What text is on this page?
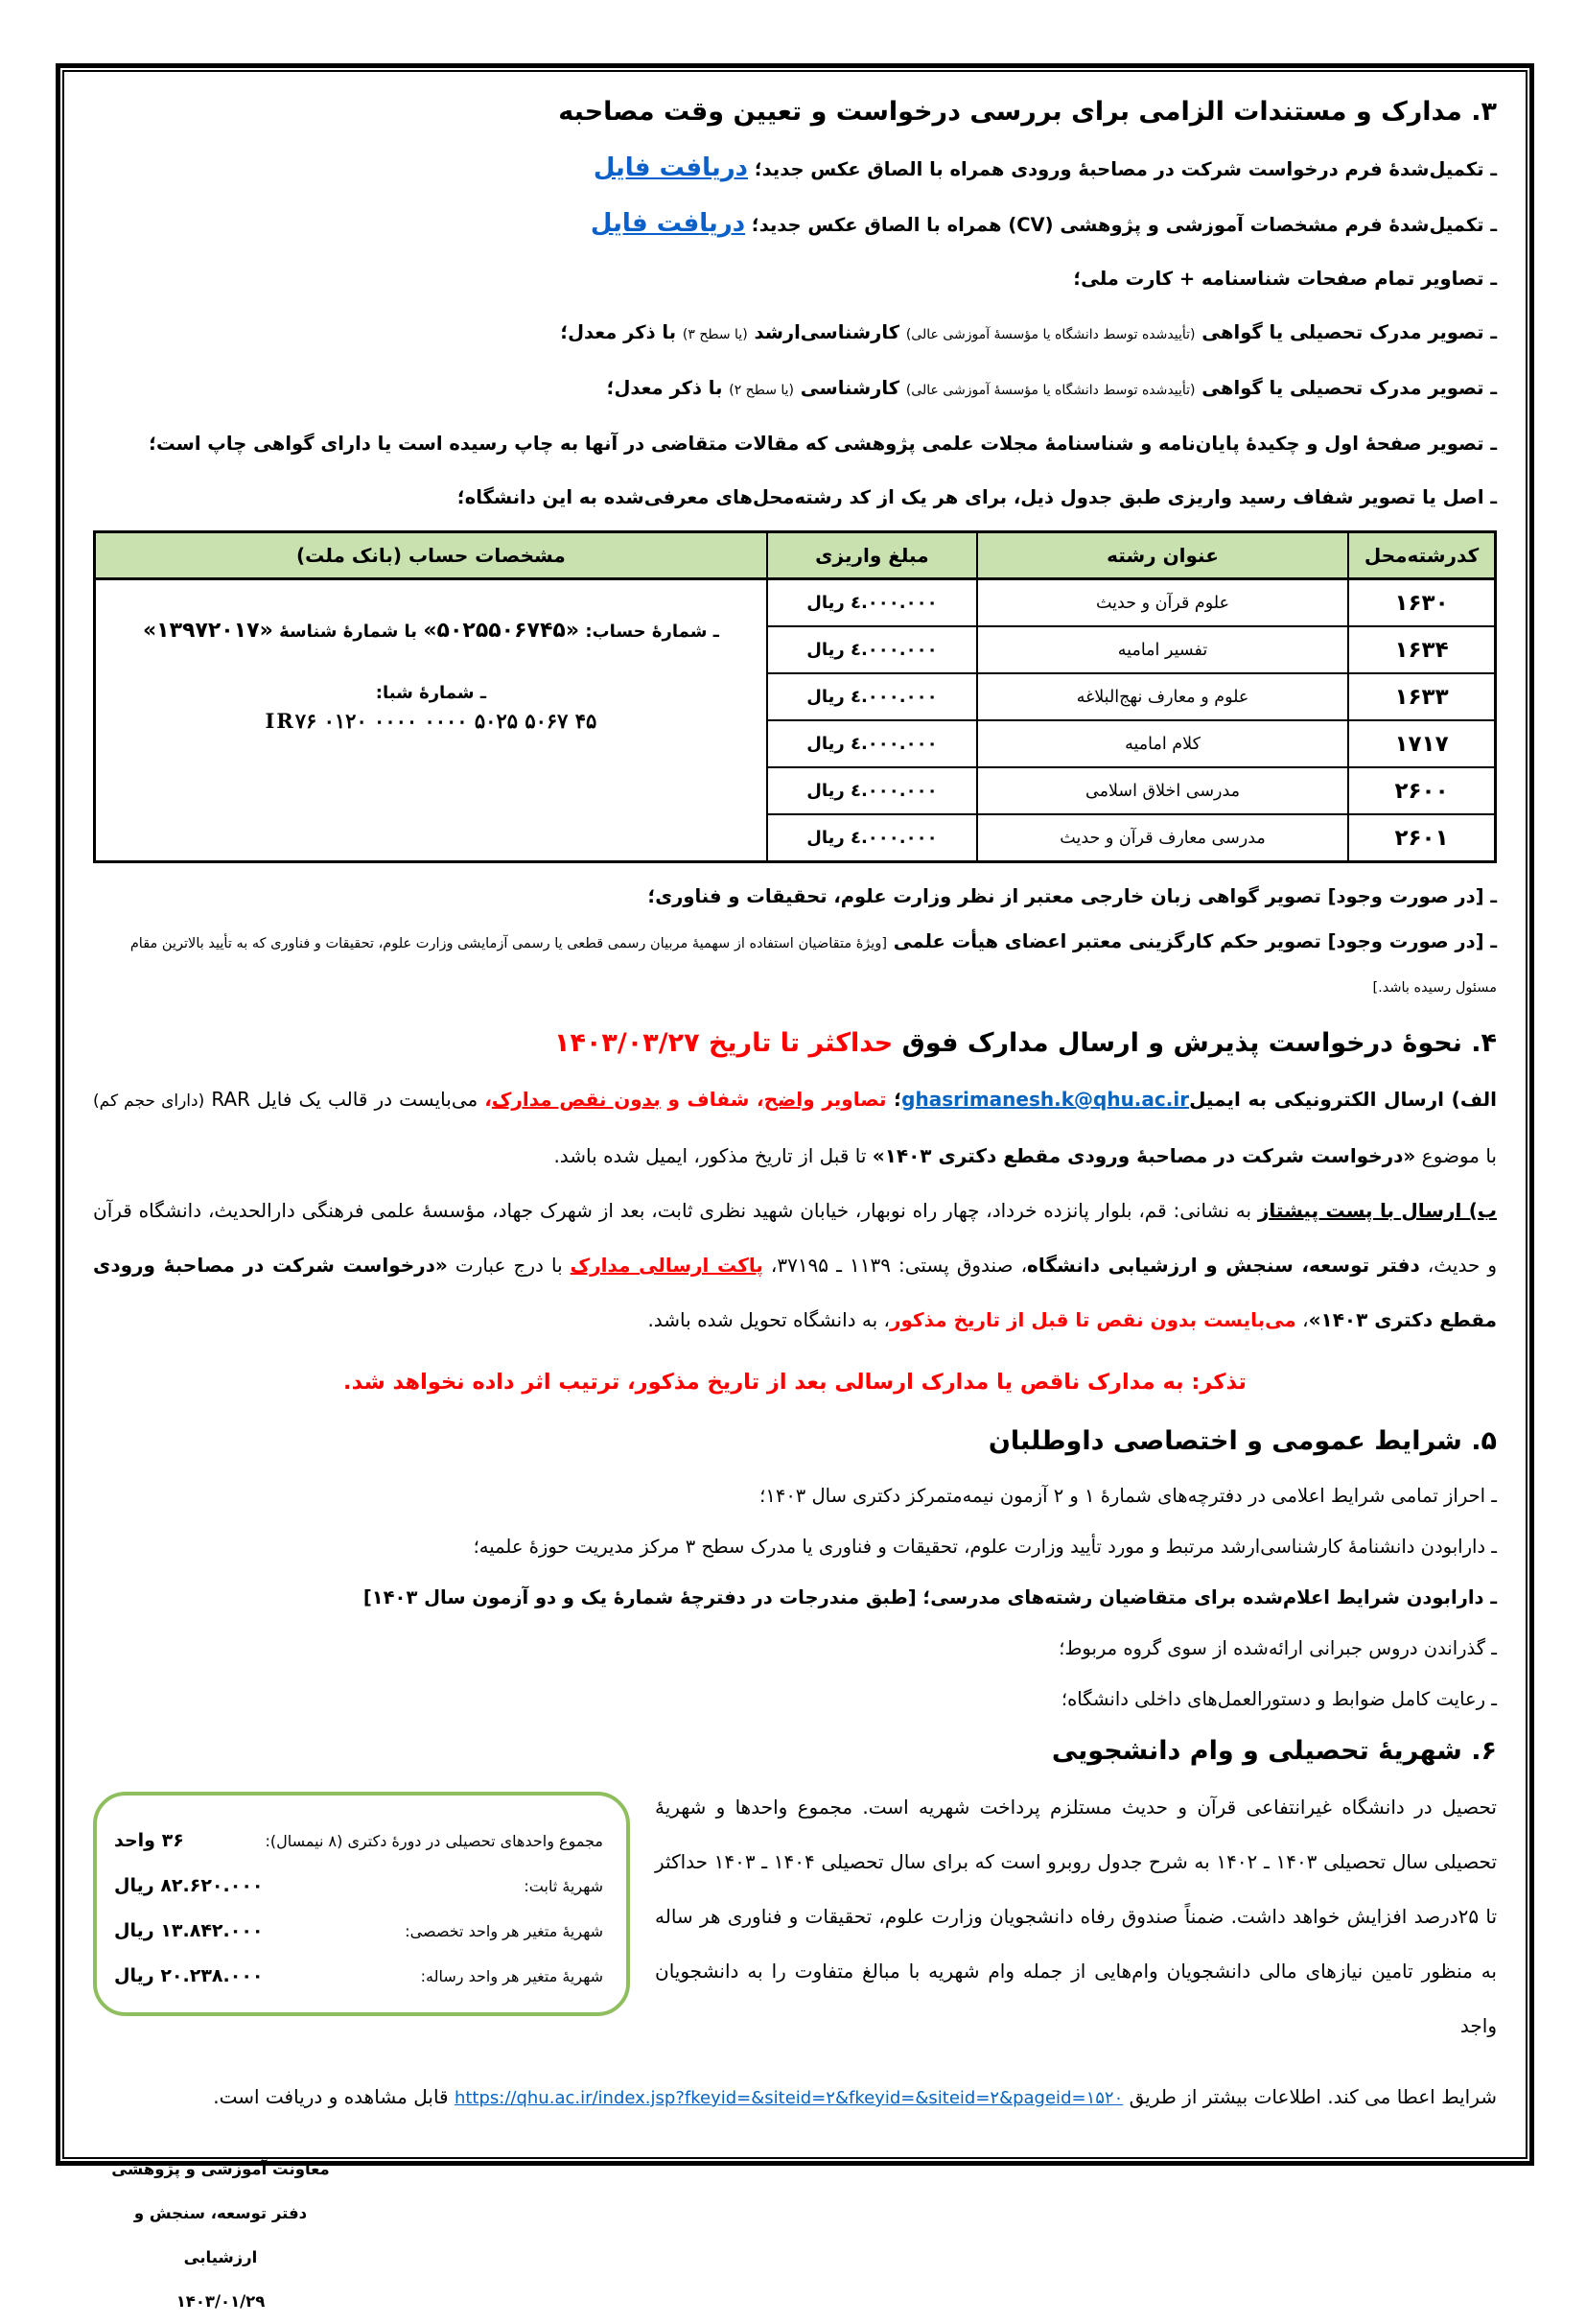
۳. مدارک و مستندات الزامی برای بررسی درخواست و تعیین وقت مصاحبه
ـ تکمیل‌شدهٔ فرم درخواست شرکت در مصاحبهٔ ورودی همراه با الصاق عکس جدید؛ دریافت فایل
ـ تکمیل‌شدهٔ فرم مشخصات آموزشی و پژوهشی (CV) همراه با الصاق عکس جدید؛ دریافت فایل
ـ تصاویر تمام صفحات شناسنامه + کارت ملی؛
ـ تصویر مدرک تحصیلی یا گواهی (تأییدشده توسط دانشگاه یا مؤسسهٔ آموزشی عالی) کارشناسی‌ارشد (یا سطح ۳) با ذکر معدل؛
ـ تصویر مدرک تحصیلی یا گواهی (تأییدشده توسط دانشگاه یا مؤسسهٔ آموزشی عالی) کارشناسی (یا سطح ۲) با ذکر معدل؛
ـ تصویر صفحهٔ اول و چکیدهٔ پایان‌نامه و شناسنامهٔ مجلات علمی پژوهشی که مقالات متقاضی در آنها به چاپ رسیده است یا دارای گواهی چاپ است؛
ـ اصل یا تصویر شفاف رسید واریزی طبق جدول ذیل، برای هر یک از کد رشته‌محل‌های معرفی‌شده به این دانشگاه؛
کدرشته‌محل	عنوان رشته	مبلغ واریزی	مشخصات حساب (بانک ملت)
۱۶۳۰	علوم قرآن و حدیث	٤.٠٠٠.٠٠٠ ریال	ـ شمارهٔ حساب: «۵۰۲۵۵۰۶۷۴۵» با شمارهٔ شناسهٔ «۱۳۹۷۲۰۱۷»
ـ شمارهٔ شبا:
IR۷۶ ۰۱۲۰ ۰۰۰۰ ۰۰۰۰ ۵۰۲۵ ۵۰۶۷ ۴۵
۱۶۳۴	تفسیر امامیه	٤.٠٠٠.٠٠٠ ریال	
۱۶۳۳	علوم و معارف نهج‌البلاغه	٤.٠٠٠.٠٠٠ ریال	
۱۷۱۷	کلام امامیه	٤.٠٠٠.٠٠٠ ریال	
۲۶۰۰	مدرسی اخلاق اسلامی	٤.٠٠٠.٠٠٠ ریال	
۲۶۰۱	مدرسی معارف قرآن و حدیث	٤.٠٠٠.٠٠٠ ریال	
ـ [در صورت وجود] تصویر گواهی زبان خارجی معتبر از نظر وزارت علوم، تحقیقات و فناوری؛
ـ [در صورت وجود] تصویر حکم کارگزینی معتبر اعضای هیأت علمی [ویژهٔ متقاضیان استفاده از سهمیهٔ مربیان رسمی قطعی یا رسمی آزمایشی وزارت علوم، تحقیقات و فناوری که به تأیید بالاترین مقام مسئول رسیده باشد.]
۴. نحوهٔ درخواست پذیرش و ارسال مدارک فوق حداکثر تا تاریخ ۱۴۰۳/۰۳/۲۷
الف) ارسال الکترونیکی به ایمیلghasrimanesh.k@qhu.ac.ir؛ تصاویر واضح، شفاف و بدون نقص مدارک، می‌بایست در قالب یک فایل RAR (دارای حجم کم) با موضوع «درخواست شرکت در مصاحبهٔ ورودی مقطع دکتری ۱۴۰۳» تا قبل از تاریخ مذکور، ایمیل شده باشد.
ب) ارسال با پست پیشتاز به نشانی: قم، بلوار پانزده خرداد، چهار راه نوبهار، خیابان شهید نظری ثابت، بعد از شهرک جهاد، مؤسسهٔ علمی فرهنگی دارالحدیث، دانشگاه قرآن و حدیث، دفتر توسعه، سنجش و ارزشیابی دانشگاه، صندوق پستی: ۱۱۳۹ ـ ۳۷۱۹۵، پاکت ارسالی مدارک با درج عبارت «درخواست شرکت در مصاحبهٔ ورودی مقطع دکتری ۱۴۰۳»، می‌بایست بدون نقص تا قبل از تاریخ مذکور، به دانشگاه تحویل شده باشد.
تذکر: به مدارک ناقص یا مدارک ارسالی بعد از تاریخ مذکور، ترتیب اثر داده نخواهد شد.
۵. شرایط عمومی و اختصاصی داوطلبان
ـ احراز تمامی شرایط اعلامی در دفترچه‌های شمارهٔ ۱ و ۲ آزمون نیمه‌متمرکز دکتری سال ۱۴۰۳؛
ـ دارابودن دانشنامهٔ کارشناسی‌ارشد مرتبط و مورد تأیید وزارت علوم، تحقیقات و فناوری یا مدرک سطح ۳ مرکز مدیریت حوزهٔ علمیه؛
ـ دارابودن شرایط اعلام‌شده برای متقاضیان رشته‌های مدرسی؛ [طبق مندرجات در دفترچهٔ شمارهٔ یک و دو آزمون سال ۱۴۰۳]
ـ گذراندن دروس جبرانی ارائه‌شده از سوی گروه مربوط؛
ـ رعایت کامل ضوابط و دستورالعمل‌های داخلی دانشگاه؛
۶. شهریهٔ تحصیلی و وام دانشجویی
تحصیل در دانشگاه غیرانتفاعی قرآن و حدیث مستلزم پرداخت شهریه است. مجموع واحدها و شهریهٔ تحصیلی سال تحصیلی ۱۴۰۳ ـ ۱۴۰۲ به شرح جدول روبرو است که برای سال تحصیلی ۱۴۰۴ ـ ۱۴۰۳ حداکثر تا ۲۵درصد افزایش خواهد داشت. ضمناً صندوق رفاه دانشجویان وزارت علوم، تحقیقات و فناوری هر ساله به منظور تامین نیازهای مالی دانشجویان وام‌هایی از جمله وام شهریه با مبالغ متفاوت را به دانشجویان واجد
مجموع واحدهای تحصیلی در دورهٔ دکتری (۸ نیمسال):
۳۶ واحد
شهریهٔ ثابت:
۸۲.۶۲۰.۰۰۰ ریال
شهریهٔ متغیر هر واحد تخصصی:
۱۳.۸۴۲.۰۰۰ ریال
شهریهٔ متغیر هر واحد رساله:
۲۰.۲۳۸.۰۰۰ ریال
شرایط اعطا می کند. اطلاعات بیشتر از طریق https://qhu.ac.ir/index.jsp?fkeyid=&siteid=۲&fkeyid=&siteid=۲&pageid=۱۵۲۰ قابل مشاهده و دریافت است.
معاونت آموزشی و پژوهشی
دفتر توسعه، سنجش و ارزشیابی
۱۴۰۳/۰۱/۲۹
